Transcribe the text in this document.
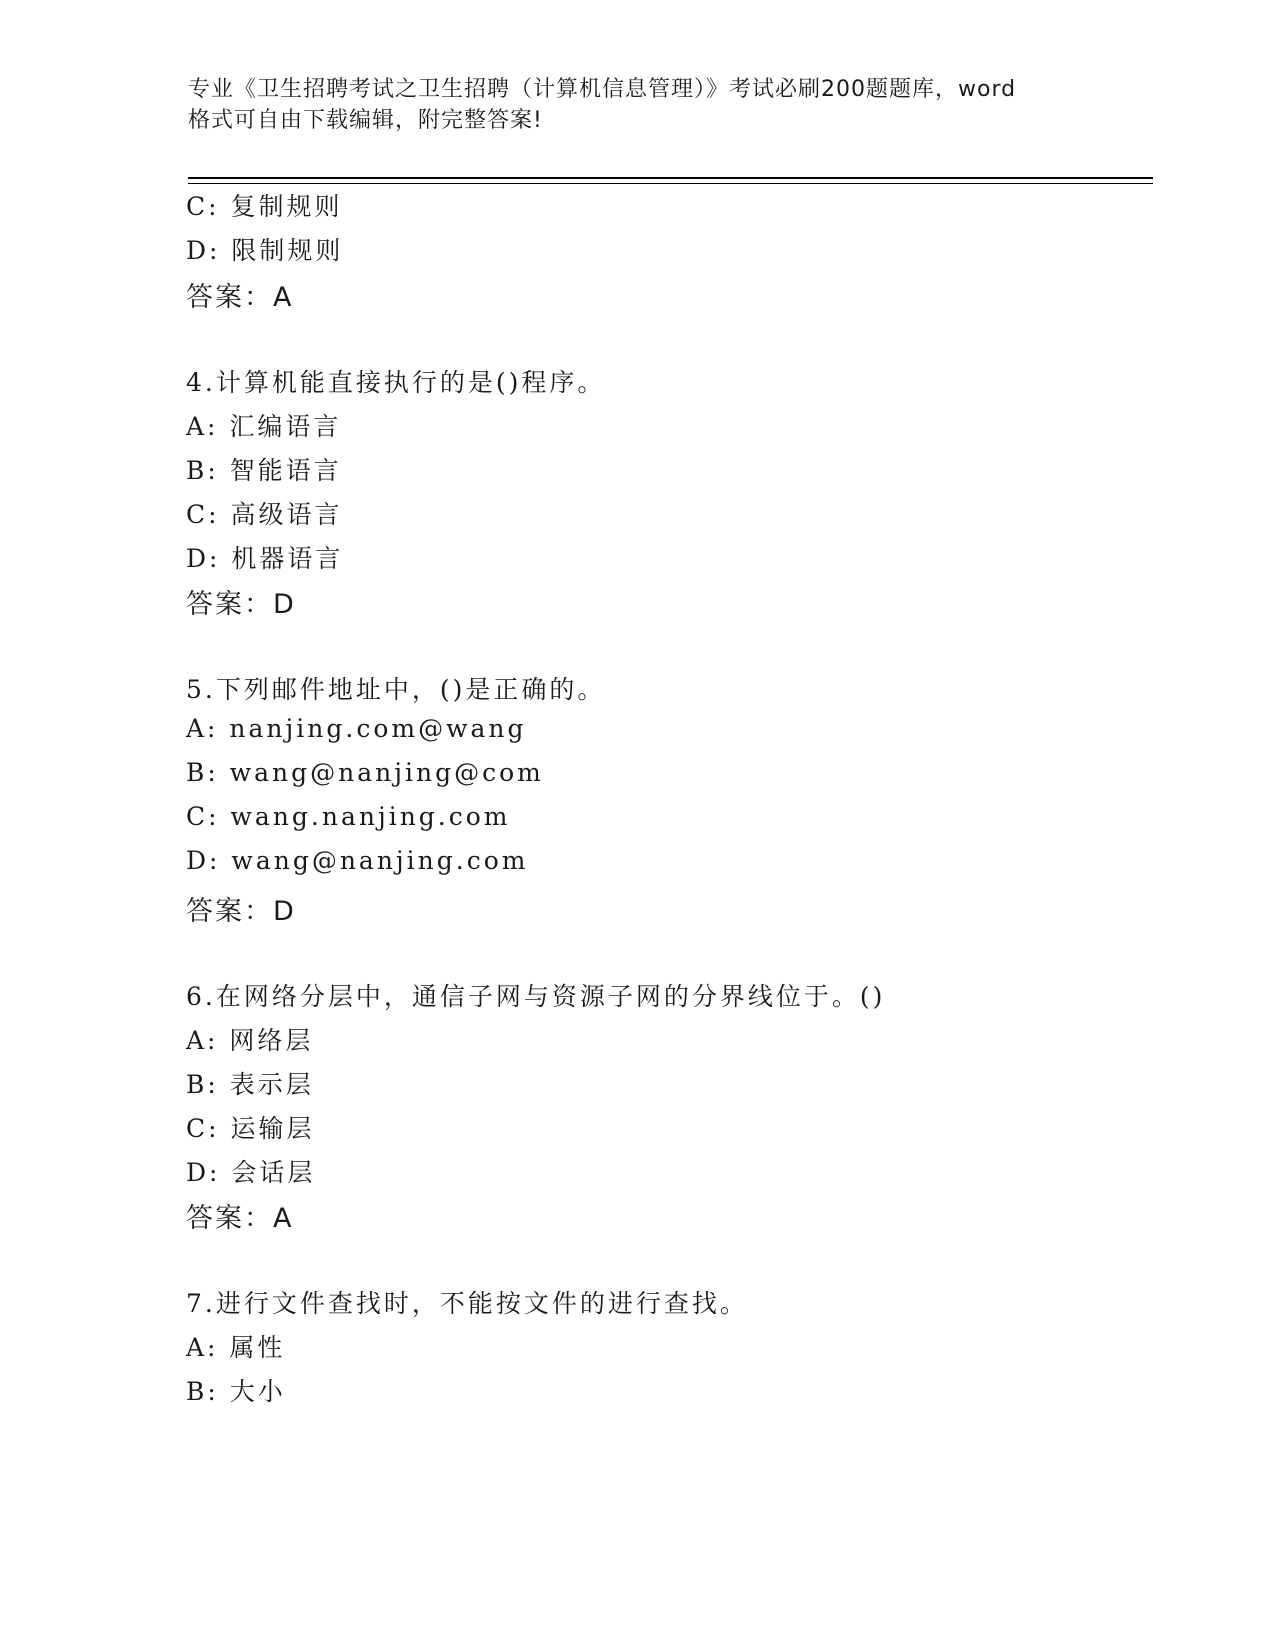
专业《卫生招聘考试之卫生招聘（计算机信息管理）》考试必刷200题题库，word
格式可自由下载编辑，附完整答案!
C: 复制规则
D: 限制规则
答案：A
4.计算机能直接执行的是()程序。
A: 汇编语言
B: 智能语言
C: 高级语言
D: 机器语言
答案：D
5.下列邮件地址中，()是正确的。
A: nanjing.com@wang
B: wang@nanjing@com
C: wang.nanjing.com
D: wang@nanjing.com
答案：D
6.在网络分层中，通信子网与资源子网的分界线位于。()
A: 网络层
B: 表示层
C: 运输层
D: 会话层
答案：A
7.进行文件查找时，不能按文件的进行查找。
A: 属性
B: 大小
